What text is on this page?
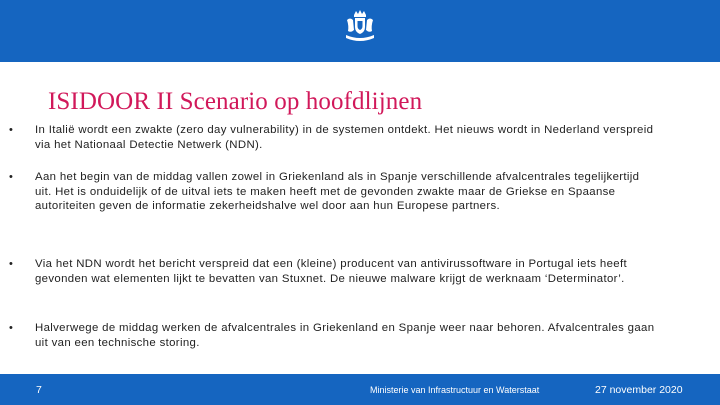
ISIDOOR II Scenario op hoofdlijnen
• In Italië wordt een zwakte (zero day vulnerability) in de systemen ontdekt. Het nieuws wordt in Nederland verspreid via het Nationaal Detectie Netwerk (NDN).
• Aan het begin van de middag vallen zowel in Griekenland als in Spanje verschillende afvalcentrales tegelijkertijd uit. Het is onduidelijk of de uitval iets te maken heeft met de gevonden zwakte maar de Griekse en Spaanse autoriteiten geven de informatie zekerheidshalve wel door aan hun Europese partners.
• Via het NDN wordt het bericht verspreid dat een (kleine) producent van antivirussoftware in Portugal iets heeft gevonden wat elementen lijkt te bevatten van Stuxnet. De nieuwe malware krijgt de werknaam ‘Determinator’.
• Halverwege de middag werken de afvalcentrales in Griekenland en Spanje weer naar behoren. Afvalcentrales gaan uit van een technische storing.
7	Ministerie van Infrastructuur en Waterstaat	27 november 2020
